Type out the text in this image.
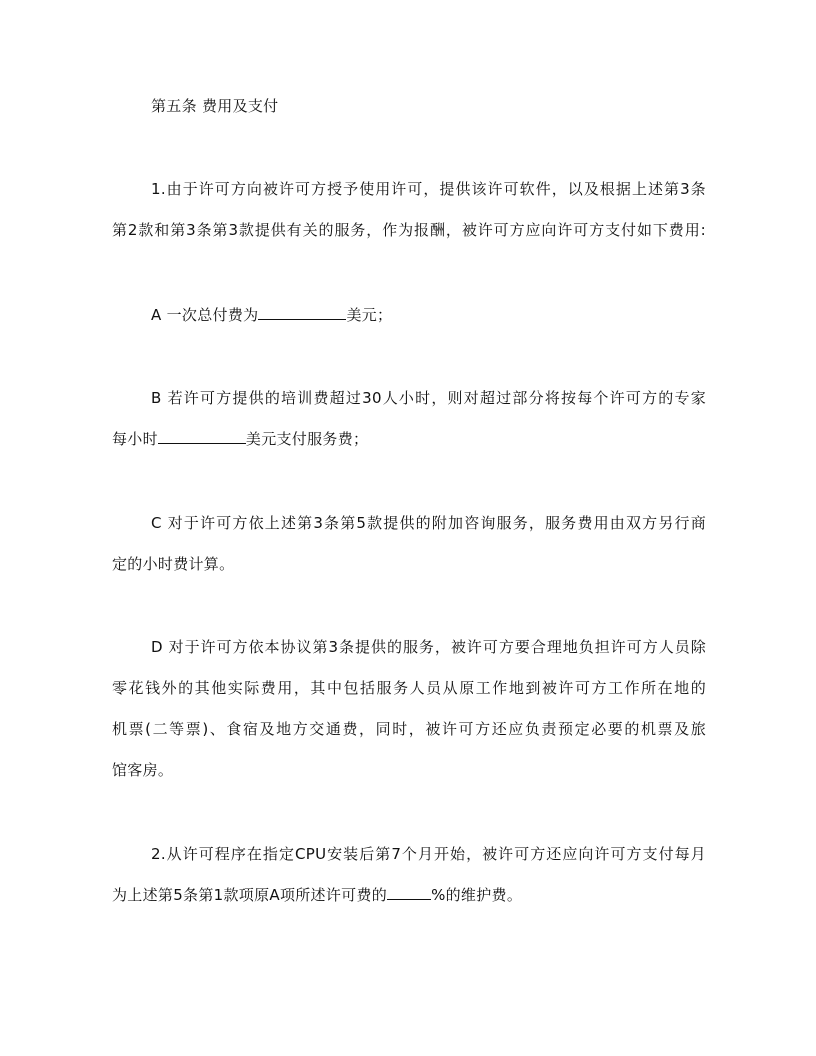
第五条 费用及支付
1.由于许可方向被许可方授予使用许可，提供该许可软件，以及根据上述第3条
第2款和第3条第3款提供有关的服务，作为报酬，被许可方应向许可方支付如下费用:
A 一次总付费为	美元；
B 若许可方提供的培训费超过30人小时，则对超过部分将按每个许可方的专家
每小时	美元支付服务费；
C 对于许可方依上述第3条第5款提供的附加咨询服务，服务费用由双方另行商
定的小时费计算。
D 对于许可方依本协议第3条提供的服务，被许可方要合理地负担许可方人员除
零花钱外的其他实际费用，其中包括服务人员从原工作地到被许可方工作所在地的
机票(二等票)、食宿及地方交通费，同时，被许可方还应负责预定必要的机票及旅
馆客房。
2.从许可程序在指定CPU安装后第7个月开始，被许可方还应向许可方支付每月
为上述第5条第1款项原A项所述许可费的	%的维护费。
